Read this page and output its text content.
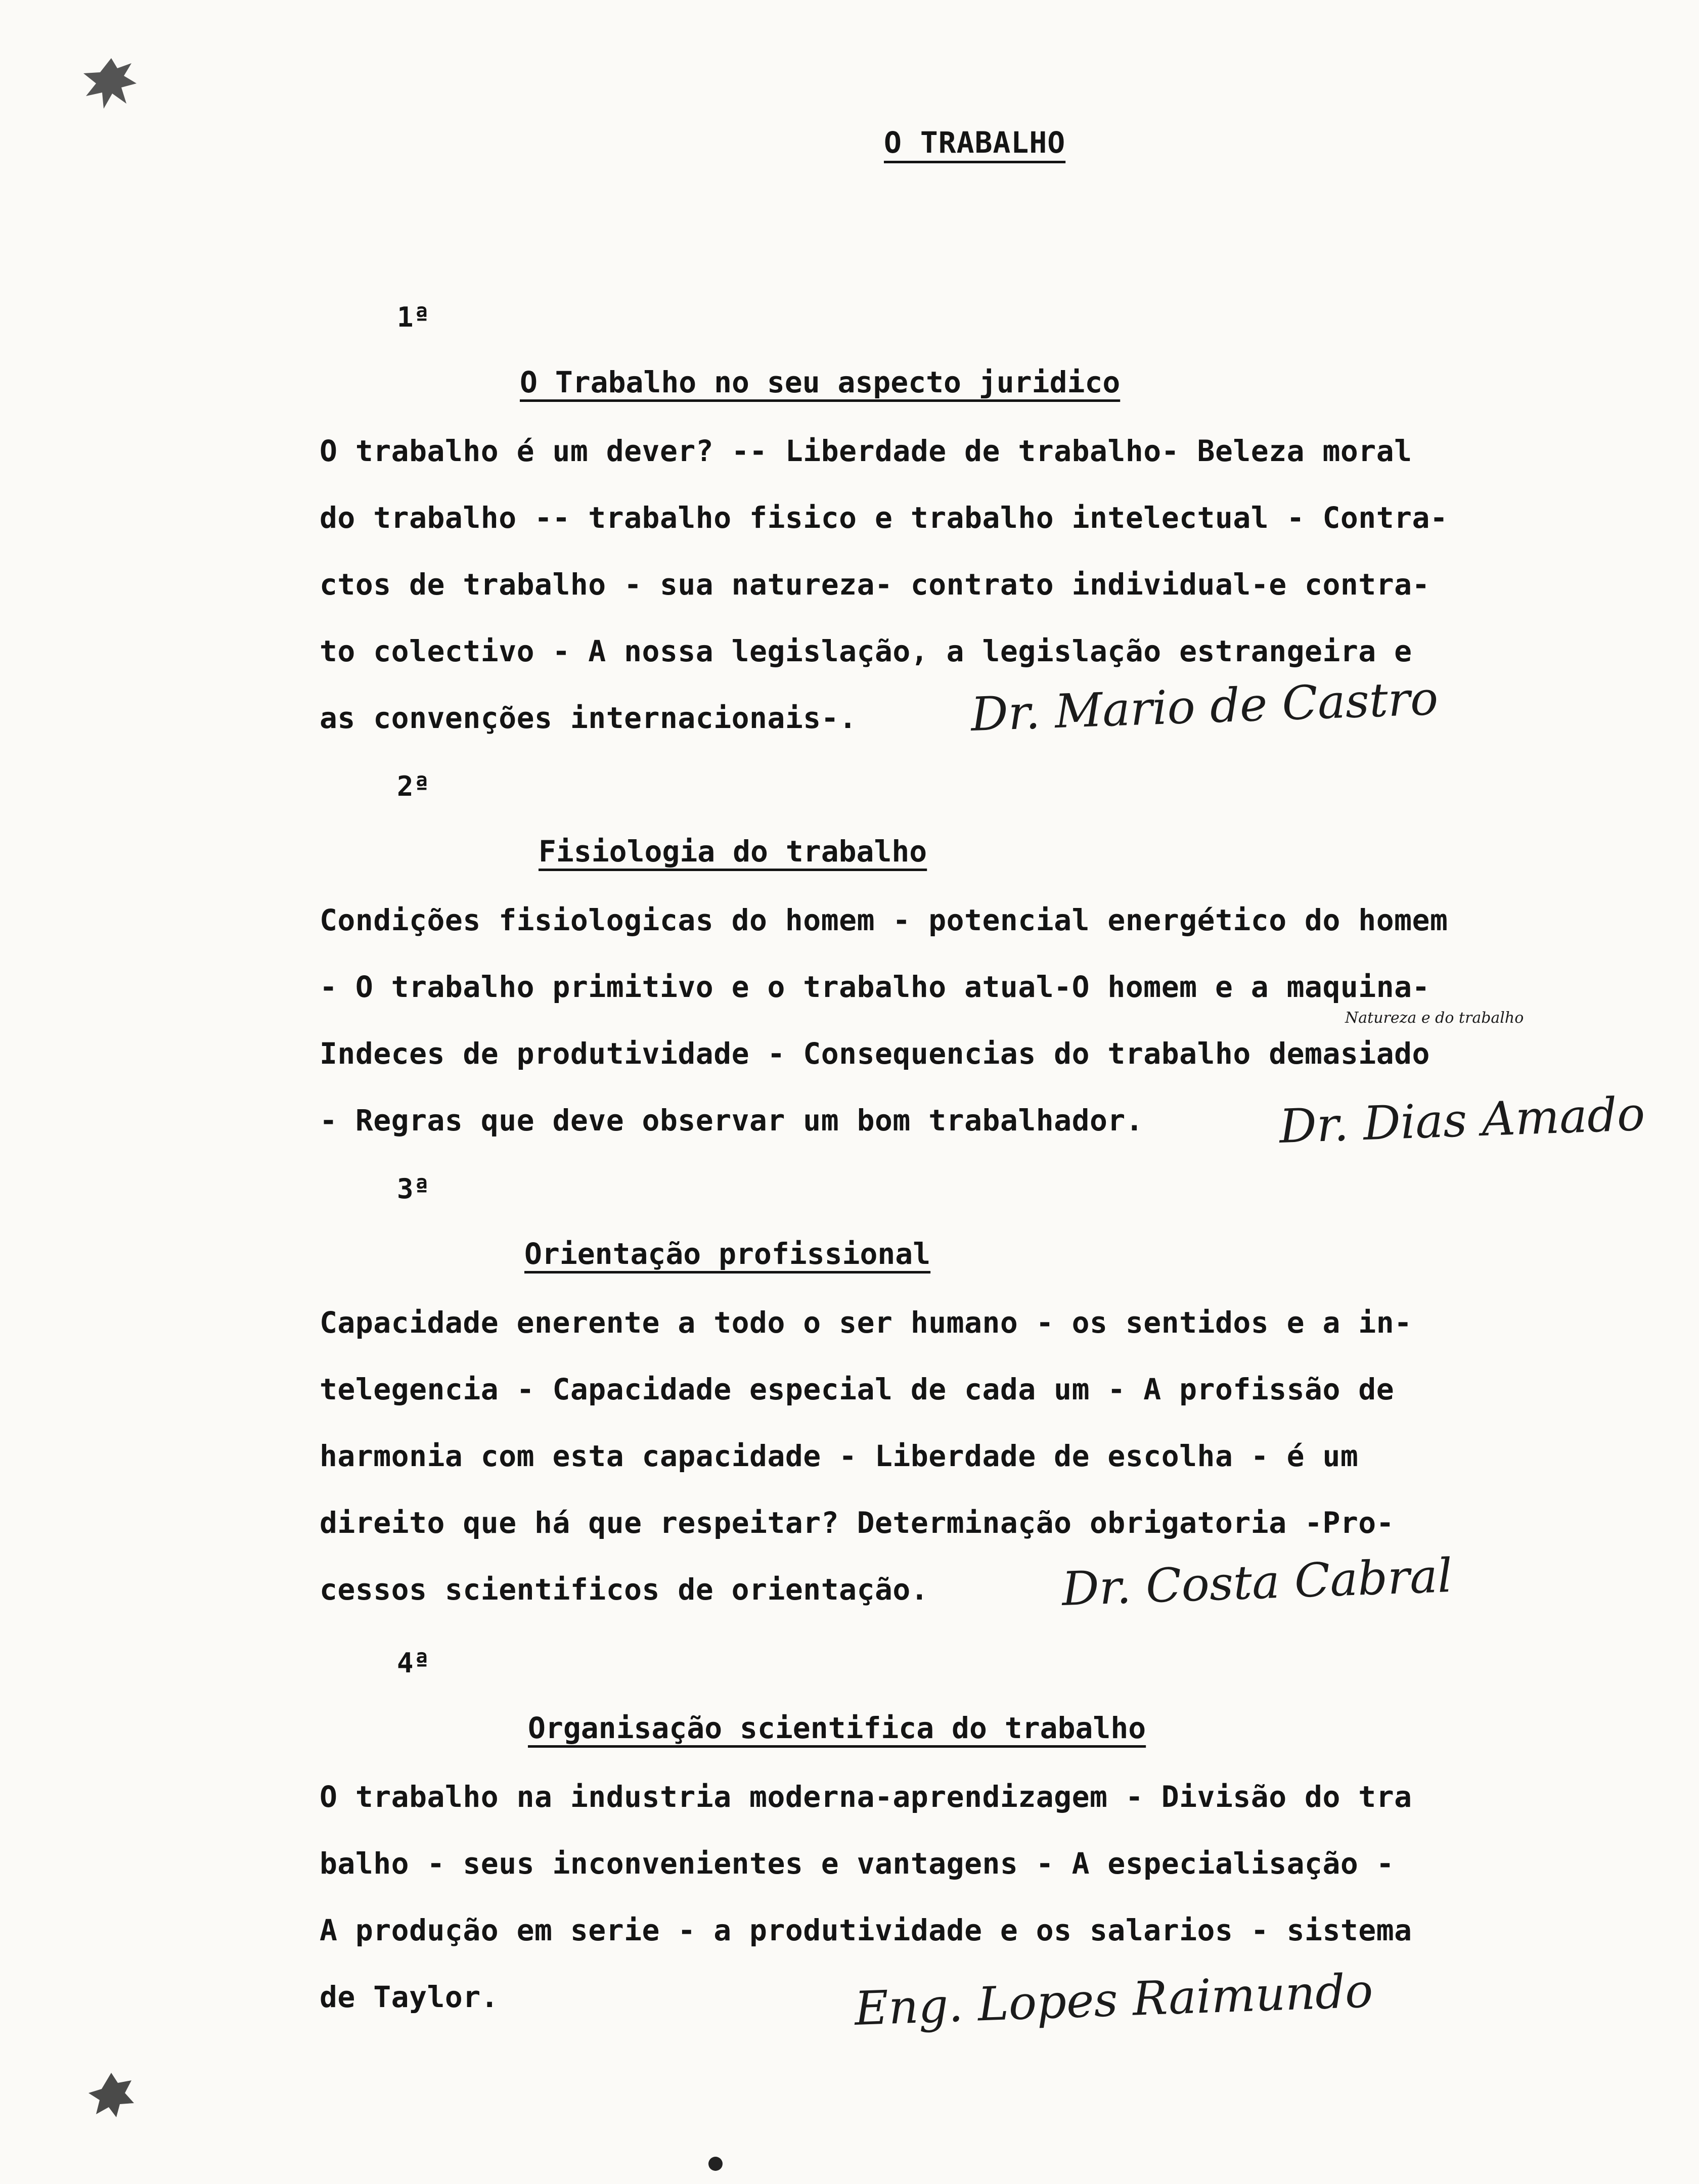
O TRABALHO
1ª
O Trabalho no seu aspecto juridico
O trabalho é um dever? -- Liberdade de trabalho- Beleza moral
do trabalho -- trabalho fisico e trabalho intelectual - Contra-
ctos de trabalho - sua natureza- contrato individual-e contra-
to colectivo - A nossa legislação, a legislação estrangeira e
as convenções internacionais-. Dr. Mario de Castro
2ª
Fisiologia do trabalho
Condições fisiologicas do homem - potencial energético do homem
- O trabalho primitivo e o trabalho atual-O homem e a maquina-
Natureza e do trabalho
Indeces de produtividade - Consequencias do trabalho demasiado
- Regras que deve observar um bom trabalhador.	Dr. Dias Amado
3ª
Orientação profissional
Capacidade enerente a todo o ser humano - os sentidos e a in-
telegencia - Capacidade especial de cada um - A profissão de
harmonia com esta capacidade - Liberdade de escolha - é um
direito que há que respeitar? Determinação obrigatoria -Pro-
cessos scientificos de orientação.	Dr. Costa Cabral
4ª
Organisação scientifica do trabalho
O trabalho na industria moderna-aprendizagem - Divisão do tra
balho - seus inconvenientes e vantagens - A especialisação -
A produção em serie - a produtividade e os salarios - sistema
de Taylor.	Eng. Lopes Raimundo
